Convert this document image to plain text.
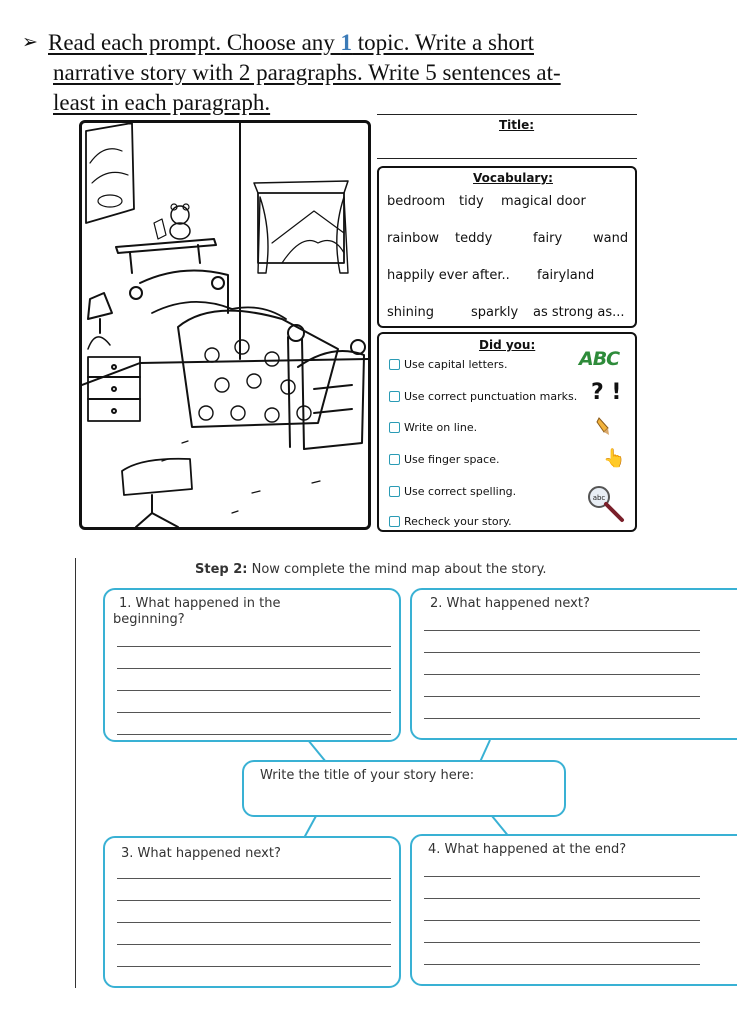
➢ Read each prompt. Choose any 1 topic. Write a short
narrative story with 2 paragraphs. Write 5 sentences at-
least in each paragraph.
Title:
Vocabulary:
bedroom tidy magical door
rainbow teddy	fairy wand
happily ever after.. fairyland
shining	sparkly as strong as...
Did you:
Use capital letters.
Use correct punctuation marks.
Write on line.
Use finger space.
Use correct spelling.
Recheck your story.
ABC
? !
👆
abc
Step 2: Now complete the mind map about the story.
1. What happened in the
beginning?
2. What happened next?
Write the title of your story here:
3. What happened next?	4. What happened at the end?
